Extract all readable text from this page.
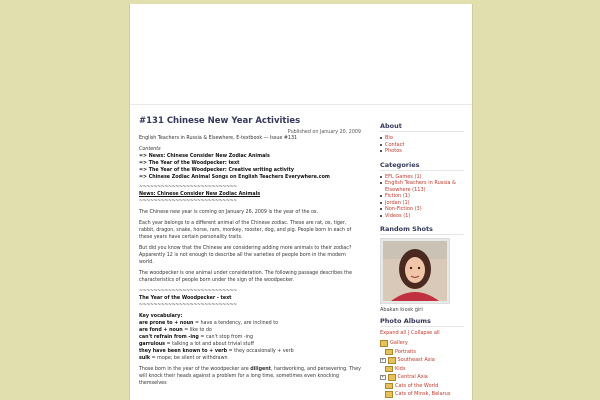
#131 Chinese New Year Activities
Published on January 20, 2009

English Teachers in Russia & Elsewhere, E-textbook — Issue #131

Contents
=> News: Chinese Consider New Zodiac Animals
=> The Year of the Woodpecker: text
=> The Year of the Woodpecker: Creative writing activity
=> Chinese Zodiac Animal Songs on English Teachers Everywhere.com
~~~~~~~~~~~~~~~~~~~~~~~~~~~
News: Chinese Consider New Zodiac Animals
~~~~~~~~~~~~~~~~~~~~~~~~~~~

The Chinese new year is coming on January 26, 2009 is the year of the ox.

Each year belongs to a different animal of the Chinese zodiac. These are rat, ox, tiger, rabbit, dragon, snake, horse, ram, monkey, rooster, dog, and pig. People born in each of these years have certain personality traits.

But did you know that the Chinese are considering adding more animals to their zodiac? Apparently 12 is not enough to describe all the varieties of people born in the modern world.

The woodpecker is one animal under consideration. The following passage describes the characteristics of people born under the sign of the woodpecker.

~~~~~~~~~~~~~~~~~~~~~~~~~~~
The Year of the Woodpecker - text
~~~~~~~~~~~~~~~~~~~~~~~~~~~
Key vocabulary:
are prone to + noun = have a tendency, are inclined to
are fond + noun = like to do
can't refrain from -ing = can't stop from -ing
garrulous = talking a lot and about trivial stuff
they have been known to + verb = they occasionally + verb
sulk = mope; be silent or withdrawn

Those born in the year of the woodpecker are diligent, hardworking, and persevering. They will knock their heads against a problem for a long time, sometimes even knocking themselves

About
Bio
Contact
Photos
Categories
EFL Games (1)
English Teachers in Russia & Elsewhere (113)
Fiction (1)
Jordan (1)
Non-Fiction (3)
Videos (1)
Random Shots
Abakan kiosk girl
Photo Albums
Expand all | Collapse all
Gallery
Portraits
+	Southeast Asia
Kids
+	Central Asia
Cats of the World
Cats of Minsk, Belarus
